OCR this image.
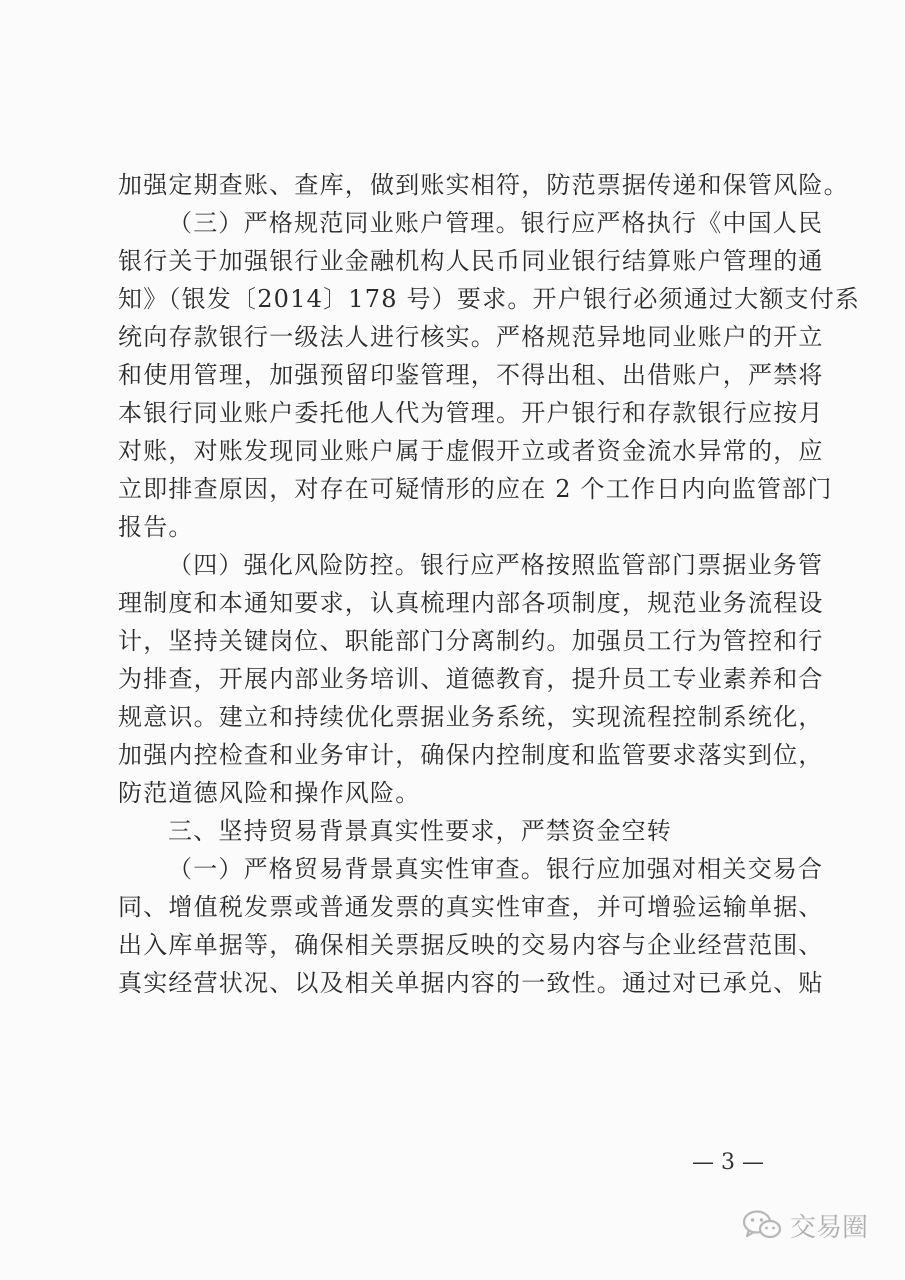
加强定期查账、查库，做到账实相符，防范票据传递和保管风险。
（三）严格规范同业账户管理。银行应严格执行《中国人民
银行关于加强银行业金融机构人民币同业银行结算账户管理的通
知》（银发〔2014〕178 号）要求。开户银行必须通过大额支付系
统向存款银行一级法人进行核实。严格规范异地同业账户的开立
和使用管理，加强预留印鉴管理，不得出租、出借账户，严禁将
本银行同业账户委托他人代为管理。开户银行和存款银行应按月
对账，对账发现同业账户属于虚假开立或者资金流水异常的，应
立即排查原因，对存在可疑情形的应在 2 个工作日内向监管部门
报告。
（四）强化风险防控。银行应严格按照监管部门票据业务管
理制度和本通知要求，认真梳理内部各项制度，规范业务流程设
计，坚持关键岗位、职能部门分离制约。加强员工行为管控和行
为排查，开展内部业务培训、道德教育，提升员工专业素养和合
规意识。建立和持续优化票据业务系统，实现流程控制系统化，
加强内控检查和业务审计，确保内控制度和监管要求落实到位，
防范道德风险和操作风险。
三、坚持贸易背景真实性要求，严禁资金空转
（一）严格贸易背景真实性审查。银行应加强对相关交易合
同、增值税发票或普通发票的真实性审查，并可增验运输单据、
出入库单据等，确保相关票据反映的交易内容与企业经营范围、
真实经营状况、以及相关单据内容的一致性。通过对已承兑、贴
— 3 —
交易圈
